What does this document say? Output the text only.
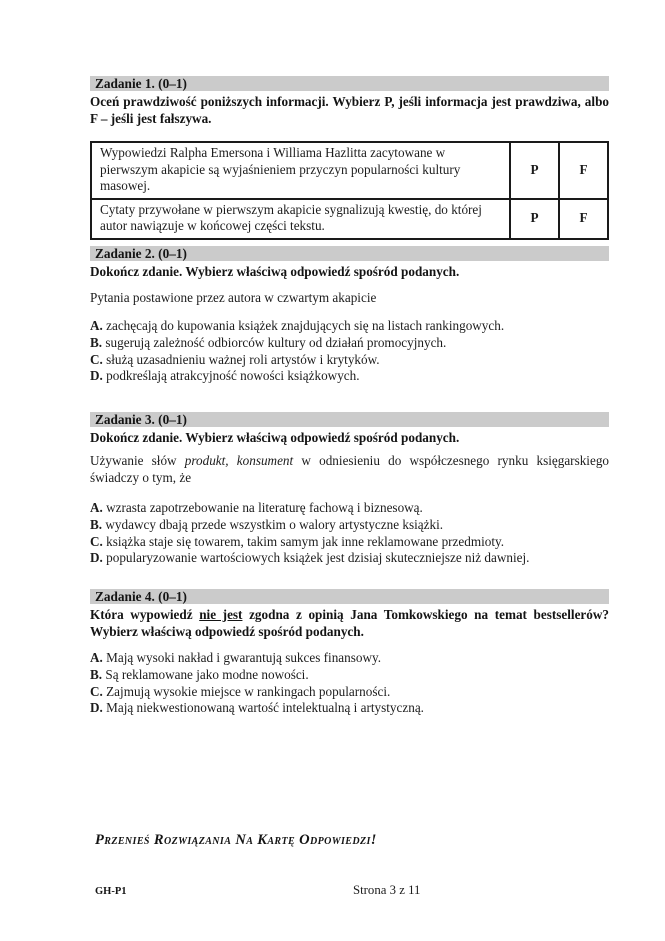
Zadanie 1. (0–1)
Oceń prawdziwość poniższych informacji. Wybierz P, jeśli informacja jest prawdziwa, albo F – jeśli jest fałszywa.
Wypowiedzi Ralpha Emersona i Williama Hazlitta zacytowane w pierwszym akapicie są wyjaśnieniem przyczyn popularności kultury masowej.	P	F
Cytaty przywołane w pierwszym akapicie sygnalizują kwestię, do której autor nawiązuje w końcowej części tekstu.	P	F
Zadanie 2. (0–1)
Dokończ zdanie. Wybierz właściwą odpowiedź spośród podanych.
Pytania postawione przez autora w czwartym akapicie
A. zachęcają do kupowania książek znajdujących się na listach rankingowych.
B. sugerują zależność odbiorców kultury od działań promocyjnych.
C. służą uzasadnieniu ważnej roli artystów i krytyków.
D. podkreślają atrakcyjność nowości książkowych.
Zadanie 3. (0–1)
Dokończ zdanie. Wybierz właściwą odpowiedź spośród podanych.
Używanie słów produkt, konsument w odniesieniu do współczesnego rynku księgarskiego świadczy o tym, że
A. wzrasta zapotrzebowanie na literaturę fachową i biznesową.
B. wydawcy dbają przede wszystkim o walory artystyczne książki.
C. książka staje się towarem, takim samym jak inne reklamowane przedmioty.
D. popularyzowanie wartościowych książek jest dzisiaj skuteczniejsze niż dawniej.
Zadanie 4. (0–1)
Która wypowiedź nie jest zgodna z opinią Jana Tomkowskiego na temat bestsellerów? Wybierz właściwą odpowiedź spośród podanych.
A. Mają wysoki nakład i gwarantują sukces finansowy.
B. Są reklamowane jako modne nowości.
C. Zajmują wysokie miejsce w rankingach popularności.
D. Mają niekwestionowaną wartość intelektualną i artystyczną.
Przenieś Rozwiązania Na Kartę Odpowiedzi!
GH-P1	Strona 3 z 11
